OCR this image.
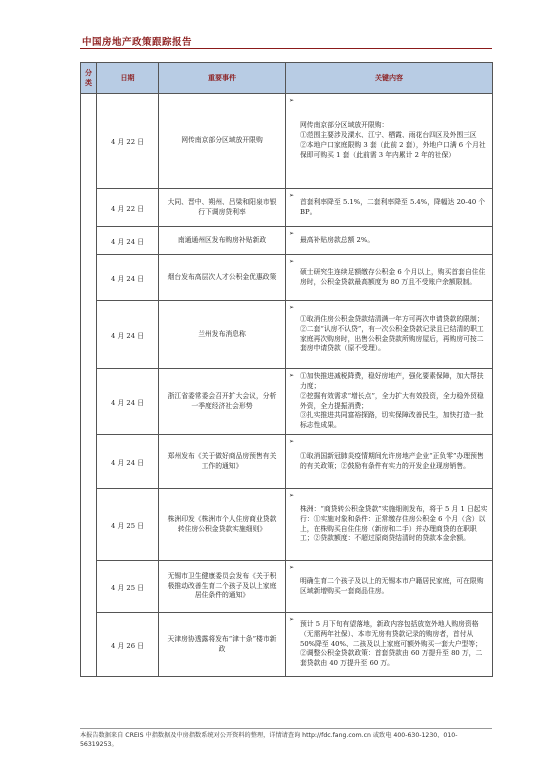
中国房地产政策跟踪报告
分类	日期	重要事件	关键内容
	4 月 22 日	网传南京部分区域放开限购	➢
网传南京部分区域放开限购：
①范围主要涉及溧水、江宁、栖霞、雨花台四区及外围三区
②本地户口家庭限购 3 套（此前 2 套），外地户口满 6 个月社保即可购买 1 套（此前需 3 年内累计 2 年的社保）

	4 月 22 日	大同、晋中、朔州、吕梁和阳泉市银行下调房贷利率	➢
首套利率降至 5.1%，二套利率降至 5.4%，降幅达 20-40 个 BP。

	4 月 24 日	南通通州区发布购房补贴新政	➢
最高补贴房款总额 2%。

	4 月 24 日	烟台发布高层次人才公积金优惠政策	➢
硕士研究生连续足额缴存公积金 6 个月以上，购买首套自住住房时，公积金贷款最高额度为 80 万且不受账户余额限制。

	4 月 24 日	兰州发布消息称	➢
①取消住房公积金贷款结清满一年方可再次申请贷款的限制；
②二套“认房不认贷”，有一次公积金贷款记录且已结清的职工家庭再次购房时，出售公积金贷款所购房屋后，再购房可按二套房申请贷款（原不受理）。

	4 月 24 日	浙江省委常委会召开扩大会议，分析一季度经济社会形势	➢ ①加快推进减税降费，稳好房地产，强化要素保障，加大帮扶力度；
②挖掘有效需求“增长点”，全力扩大有效投资，全力稳外贸稳外资，全力提振消费；
③扎实推进共同富裕探路，切实保障改善民生，加快打造一批标志性成果。

	4 月 24 日	郑州发布《关于做好商品房预售有关工作的通知》	➢
①取消国新冠肺炎疫情期间允许房地产企业“正负零”办理预售的有关政策；②鼓励有条件有实力的开发企业现房销售。

	4 月 25 日	株洲印发《株洲市个人住房商业贷款转住房公积金贷款实施细则》	➢
株洲：“商贷转公积金贷款”实施细则发布，将于 5 月 1 日起实行：①实施对象和条件：正常缴存住房公积金 6 个月（含）以上，在株购买自住住房（新房和二手）并办理商贷的在职职工；②贷款额度：不超过原商贷结清时的贷款本金余额。

	4 月 25 日	无锡市卫生健康委员会发布《关于积极推动改善生育二个孩子及以上家庭居住条件的通知》	➢
明确生育二个孩子及以上的无锡本市户籍居民家庭，可在限购区域新增购买一套商品住房。

	4 月 26 日	天津房协透露将发布“津十条”楼市新政	➢
预计 5 月下旬有望落地，新政内容包括放宽外地人购房资格（无需两年社保）、本市无房有贷款记录的购房者，首付从 50%降至 40%、二孩及以上家庭可额外购买一套大户型等；
②调整公积金贷款政策：首套贷款由 60 万提升至 80 万，二套贷款由 40 万提升至 60 万。
本报告数据来自 CREIS 中指数据及中房指数系统对公开资料的整理，详情请查询 http://fdc.fang.com.cn 或致电 400-630-1230、010-56319253。
